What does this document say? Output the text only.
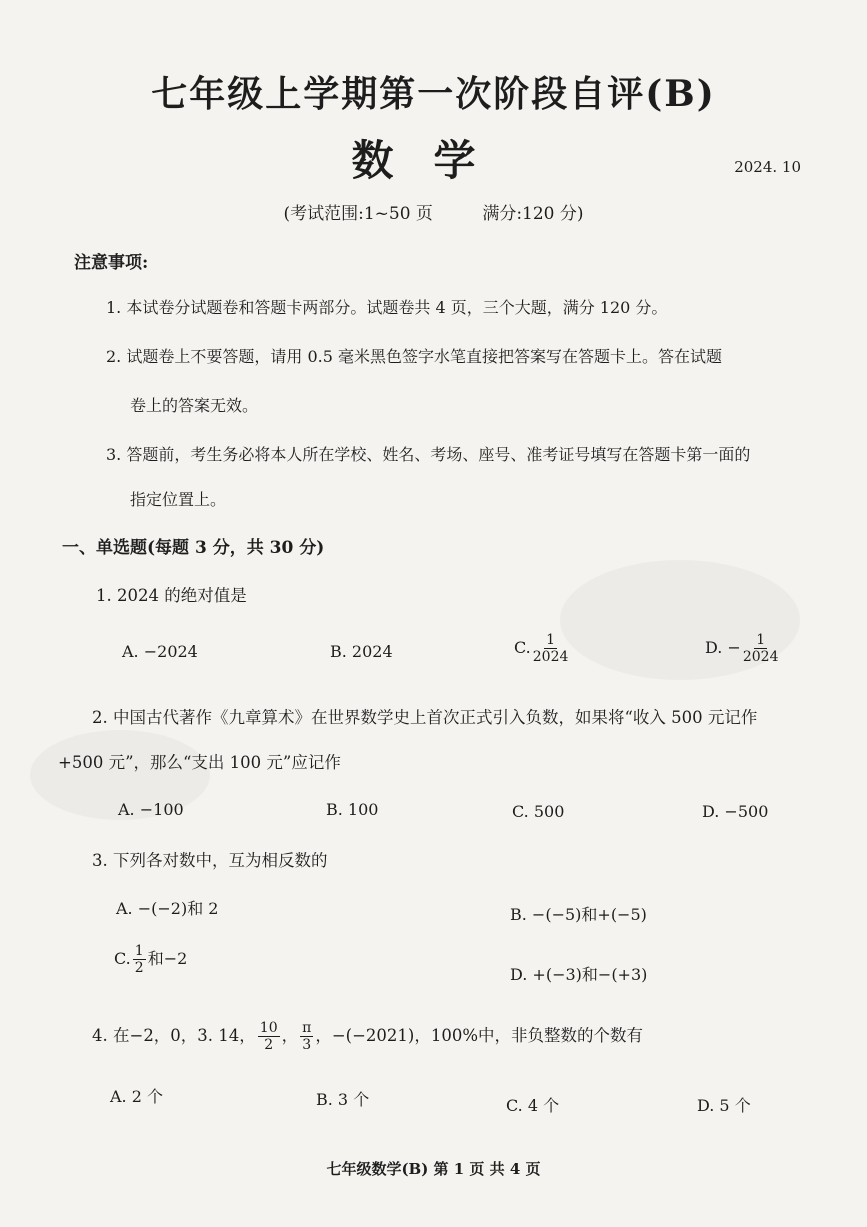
七年级上学期第一次阶段自评(B)
数学	2024. 10
(考试范围:1~50 页	满分:120 分)
注意事项:
1. 本试卷分试题卷和答题卡两部分。试题卷共 4 页，三个大题，满分 120 分。
2. 试题卷上不要答题，请用 0.5 毫米黑色签字水笔直接把答案写在答题卡上。答在试题
卷上的答案无效。
3. 答题前，考生务必将本人所在学校、姓名、考场、座号、准考证号填写在答题卡第一面的
指定位置上。
一、单选题(每题 3 分，共 30 分)
1. 2024 的绝对值是
A. −2024	B. 2024	C. $\frac{1}{2024}$	D. − $\frac{1}{2024}$
2. 中国古代著作《九章算术》在世界数学史上首次正式引入负数，如果将“收入 500 元记作
+500 元”，那么“支出 100 元”应记作
A. −100	B. 100	C. 500	D. −500
3. 下列各对数中，互为相反数的
A. −(−2)和 2	B. −(−5)和+(−5)
C. $\frac{1}{2}$ 和−2
D. +(−3)和−(+3)
4. 在−2，0，3. 14， $\frac{10}{2}$ ， $\frac{\pi}{3}$ ，−(−2021)，100%中，非负整数的个数有
A. 2 个	B. 3 个	C. 4 个	D. 5 个
七年级数学(B) 第 1 页 共 4 页
